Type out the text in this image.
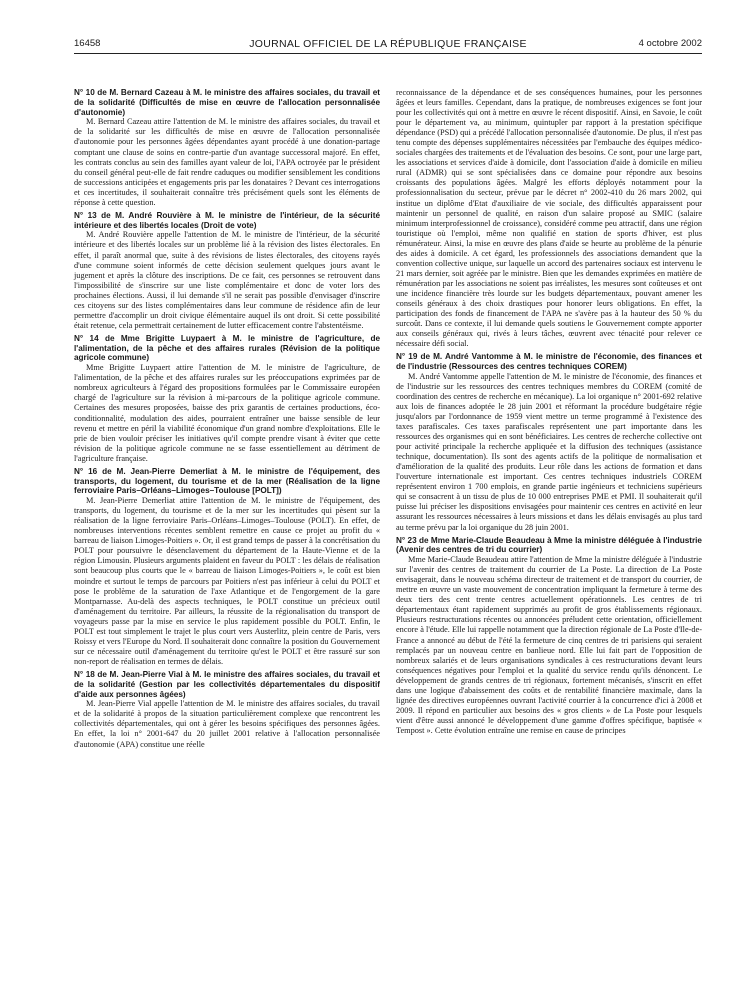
16458	JOURNAL OFFICIEL DE LA RÉPUBLIQUE FRANÇAISE	4 octobre 2002
N° 10 de M. Bernard Cazeau à M. le ministre des affaires sociales, du travail et de la solidarité (Difficultés de mise en œuvre de l'allocation personnalisée d'autonomie)

M. Bernard Cazeau attire l'attention de M. le ministre des affaires sociales, du travail et de la solidarité sur les difficultés de mise en œuvre de l'allocation personnalisée d'autonomie pour les personnes âgées dépendantes ayant procédé à une donation-partage comptant une clause de soins en contre-partie d'un avantage successoral majoré. En effet, les contrats conclus au sein des familles ayant valeur de loi, l'APA octroyée par le président du conseil général peut-elle de fait rendre caduques ou modifier sensiblement les conditions de successions anticipées et engagements pris par les donataires ? Devant ces interrogations et ces incertitudes, il souhaiterait connaître très précisément quels sont les éléments de réponse à cette question.

N° 13 de M. André Rouvière à M. le ministre de l'intérieur, de la sécurité intérieure et des libertés locales (Droit de vote)

M. André Rouvière appelle l'attention de M. le ministre de l'intérieur, de la sécurité intérieure et des libertés locales sur un problème lié à la révision des listes électorales. En effet, il paraît anormal que, suite à des révisions de listes électorales, des citoyens rayés d'une commune soient informés de cette décision seulement quelques jours avant le jugement et après la clôture des inscriptions. De ce fait, ces personnes se retrouvent dans l'impossibilité de s'inscrire sur une liste complémentaire et donc de voter lors des prochaines élections. Aussi, il lui demande s'il ne serait pas possible d'envisager d'inscrire ces citoyens sur des listes complémentaires dans leur commune de résidence afin de leur permettre d'accomplir un droit civique élémentaire auquel ils ont droit. Si cette possibilité était retenue, cela permettrait certainement de lutter efficacement contre l'abstentéisme.

N° 14 de Mme Brigitte Luypaert à M. le ministre de l'agriculture, de l'alimentation, de la pêche et des affaires rurales (Révision de la politique agricole commune)

Mme Brigitte Luypaert attire l'attention de M. le ministre de l'agriculture, de l'alimentation, de la pêche et des affaires rurales sur les préoccupations exprimées par de nombreux agriculteurs à l'égard des propositions formulées par le Commissaire européen chargé de l'agriculture sur la révision à mi-parcours de la politique agricole commune. Certaines des mesures proposées, baisse des prix garantis de certaines productions, éco-conditionnalité, modulation des aides, pourraient entraîner une baisse sensible de leur revenu et mettre en péril la viabilité économique d'un grand nombre d'exploitations. Elle le prie de bien vouloir préciser les initiatives qu'il compte prendre visant à éviter que cette révision de la politique agricole commune ne se fasse essentiellement au détriment de l'agriculture française.

N° 16 de M. Jean-Pierre Demerliat à M. le ministre de l'équipement, des transports, du logement, du tourisme et de la mer (Réalisation de la ligne ferroviaire Paris–Orléans–Limoges–Toulouse [POLT])

M. Jean-Pierre Demerliat attire l'attention de M. le ministre de l'équipement, des transports, du logement, du tourisme et de la mer sur les incertitudes qui pèsent sur la réalisation de la ligne ferroviaire Paris–Orléans–Limoges–Toulouse (POLT). En effet, de nombreuses interventions récentes semblent remettre en cause ce projet au profit du « barreau de liaison Limoges-Poitiers ». Or, il est grand temps de passer à la concrétisation du POLT pour poursuivre le désenclavement du département de la Haute-Vienne et de la région Limousin. Plusieurs arguments plaident en faveur du POLT : les délais de réalisation sont beaucoup plus courts que le « barreau de liaison Limoges-Poitiers », le coût est bien moindre et surtout le temps de parcours par Poitiers n'est pas inférieur à celui du POLT et pose le problème de la saturation de l'axe Atlantique et de l'engorgement de la gare Montparnasse. Au-delà des aspects techniques, le POLT constitue un précieux outil d'aménagement du territoire. Par ailleurs, la réussite de la régionalisation du transport de voyageurs passe par la mise en service le plus rapidement possible du POLT. Enfin, le POLT est tout simplement le trajet le plus court vers Austerlitz, plein centre de Paris, vers Roissy et vers l'Europe du Nord. Il souhaiterait donc connaître la position du Gouvernement sur ce nécessaire outil d'aménagement du territoire qu'est le POLT et être rassuré sur son non-report de réalisation en termes de délais.

N° 18 de M. Jean-Pierre Vial à M. le ministre des affaires sociales, du travail et de la solidarité (Gestion par les collectivités départementales du dispositif d'aide aux personnes âgées)

M. Jean-Pierre Vial appelle l'attention de M. le ministre des affaires sociales, du travail et de la solidarité à propos de la situation particulièrement complexe que rencontrent les collectivités départementales, qui ont à gérer les besoins spécifiques des personnes âgées. En effet, la loi n° 2001-647 du 20 juillet 2001 relative à l'allocation personnalisée d'autonomie (APA) constitue une réelle

reconnaissance de la dépendance et de ses conséquences humaines, pour les personnes âgées et leurs familles. Cependant, dans la pratique, de nombreuses exigences se font jour pour les collectivités qui ont à mettre en œuvre le récent dispositif. Ainsi, en Savoie, le coût pour le département va, au minimum, quintupler par rapport à la prestation spécifique dépendance (PSD) qui a précédé l'allocation personnalisée d'autonomie. De plus, il n'est pas tenu compte des dépenses supplémentaires nécessitées par l'embauche des équipes médico-sociales chargées des traitements et de l'évaluation des besoins. Ce sont, pour une large part, les associations et services d'aide à domicile, dont l'association d'aide à domicile en milieu rural (ADMR) qui se sont spécialisées dans ce domaine pour répondre aux besoins croissants des populations âgées. Malgré les efforts déployés notamment pour la professionnalisation du secteur, prévue par le décret n° 2002-410 du 26 mars 2002, qui institue un diplôme d'Etat d'auxiliaire de vie sociale, des difficultés apparaissent pour maintenir un personnel de qualité, en raison d'un salaire proposé au SMIC (salaire minimum interprofessionnel de croissance), considéré comme peu attractif, dans une région touristique où l'emploi, même non qualifié en station de sports d'hiver, est plus rémunérateur. Ainsi, la mise en œuvre des plans d'aide se heurte au problème de la pénurie des aides à domicile. A cet égard, les professionnels des associations demandent que la convention collective unique, sur laquelle un accord des partenaires sociaux est intervenu le 21 mars dernier, soit agréée par le ministre. Bien que les demandes exprimées en matière de rémunération par les associations ne soient pas irréalistes, les mesures sont coûteuses et ont une incidence financière très lourde sur les budgets départementaux, pouvant amener les conseils généraux à des choix drastiques pour honorer leurs obligations. En effet, la participation des fonds de financement de l'APA ne s'avère pas à la hauteur des 50 % du surcoût. Dans ce contexte, il lui demande quels soutiens le Gouvernement compte apporter aux conseils généraux qui, rivés à leurs tâches, œuvrent avec ténacité pour relever ce nécessaire défi social.

N° 19 de M. André Vantomme à M. le ministre de l'économie, des finances et de l'industrie (Ressources des centres techniques COREM)

M. André Vantomme appelle l'attention de M. le ministre de l'économie, des finances et de l'industrie sur les ressources des centres techniques membres du COREM (comité de coordination des centres de recherche en mécanique). La loi organique n° 2001-692 relative aux lois de finances adoptée le 28 juin 2001 et réformant la procédure budgétaire régie jusqu'alors par l'ordonnance de 1959 vient mettre un terme programmé à l'existence des taxes parafiscales. Ces taxes parafiscales représentent une part importante dans les ressources des organismes qui en sont bénéficiaires. Les centres de recherche collective ont pour activité principale la recherche appliquée et la diffusion des techniques (assistance technique, documentation). Ils sont des agents actifs de la politique de normalisation et d'amélioration de la qualité des produits. Leur rôle dans les actions de formation et dans l'ouverture internationale est important. Ces centres techniques industriels COREM représentent environ 1 700 emplois, en grande partie ingénieurs et techniciens supérieurs qui se consacrent à un tissu de plus de 10 000 entreprises PME et PMI. Il souhaiterait qu'il puisse lui préciser les dispositions envisagées pour maintenir ces centres en activité en leur assurant les ressources nécessaires à leurs missions et dans les délais envisagés au plus tard au terme prévu par la loi organique du 28 juin 2001.

N° 23 de Mme Marie-Claude Beaudeau à Mme la ministre déléguée à l'industrie (Avenir des centres de tri du courrier)

Mme Marie-Claude Beaudeau attire l'attention de Mme la ministre déléguée à l'industrie sur l'avenir des centres de traitement du courrier de La Poste. La direction de La Poste envisagerait, dans le nouveau schéma directeur de traitement et de transport du courrier, de mettre en œuvre un vaste mouvement de concentration impliquant la fermeture à terme des deux tiers des cent trente centres actuellement opérationnels. Les centres de tri départementaux étant rapidement supprimés au profit de gros établissements régionaux. Plusieurs restructurations récentes ou annoncées préludent cette orientation, officiellement encore à l'étude. Elle lui rappelle notamment que la direction régionale de La Poste d'Ile-de-France a annoncé au début de l'été la fermeture de cinq centres de tri parisiens qui seraient remplacés par un nouveau centre en banlieue nord. Elle lui fait part de l'opposition de nombreux salariés et de leurs organisations syndicales à ces restructurations devant leurs conséquences négatives pour l'emploi et la qualité du service rendu qu'ils dénoncent. Le développement de grands centres de tri régionaux, fortement mécanisés, s'inscrit en effet dans une logique d'abaissement des coûts et de rentabilité financière maximale, dans la lignée des directives européennes ouvrant l'activité courrier à la concurrence d'ici à 2008 et 2009. Il répond en particulier aux besoins des « gros clients » de La Poste pour lesquels vient d'être aussi annoncé le développement d'une gamme d'offres spécifique, baptisée « Tempost ». Cette évolution entraîne une remise en cause de principes
